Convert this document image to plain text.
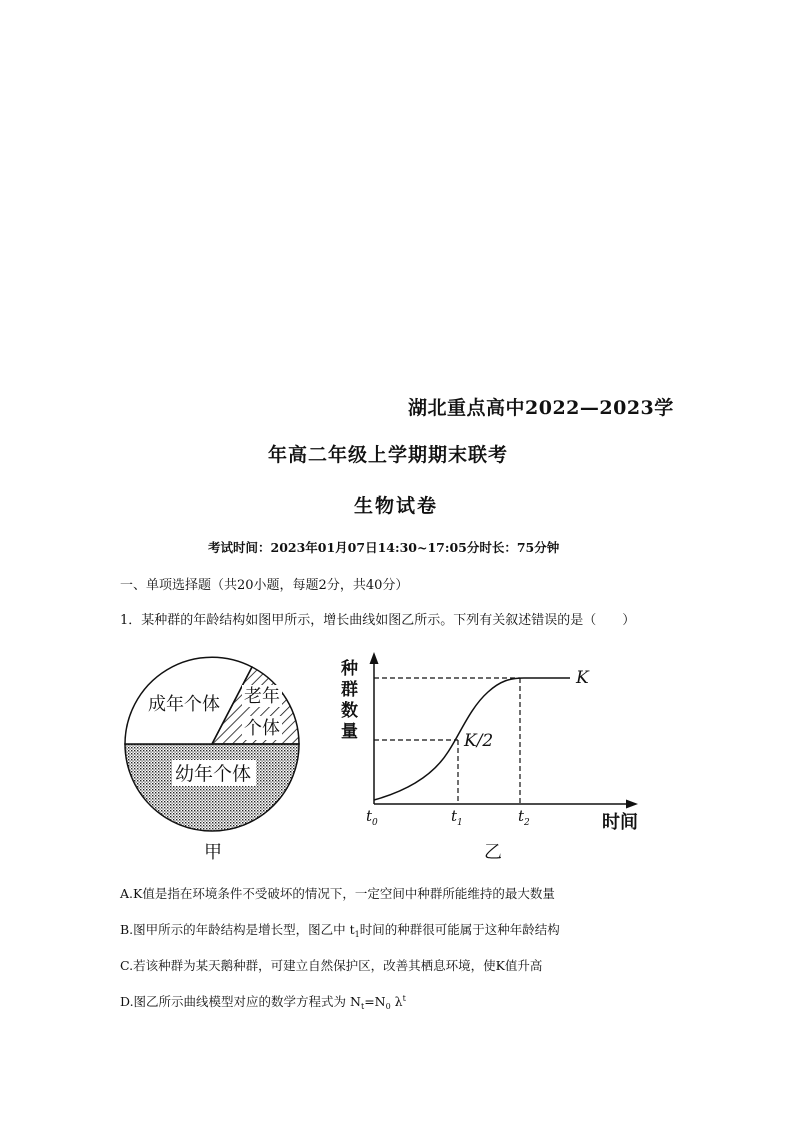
湖北重点高中2022—2023学
年高二年级上学期期末联考
生物试卷
考试时间：2023年01月07日14:30~17:05分时长：75分钟
一、单项选择题（共20小题，每题2分，共40分）
1．某种群的年龄结构如图甲所示，增长曲线如图乙所示。下列有关叙述错误的是（　　）
成年个体 老年
个体
幼年个体
甲
种
群
数
量
K
K/2
$t_0$	$t_1$	$t_2$	时间
乙
A.K值是指在环境条件不受破坏的情况下，一定空间中种群所能维持的最大数量
B.图甲所示的年龄结构是增长型，图乙中 $t_1$时间的种群很可能属于这种年龄结构
C.若该种群为某天鹅种群，可建立自然保护区，改善其栖息环境，使K值升高
D.图乙所示曲线模型对应的数学方程式为 $N_t=N_0$ $\lambda^t$
